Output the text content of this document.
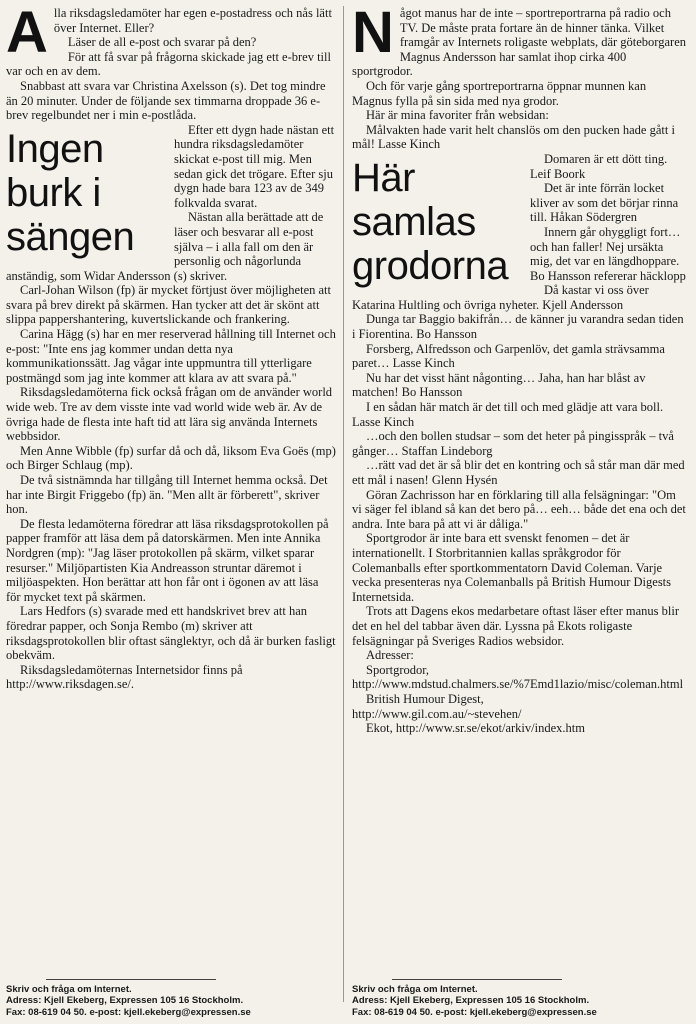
A lla riksdagsledamöter har egen e-postadress och nås lätt över Internet. Eller?

Läser de all e-post och svarar på den?

För att få svar på frågorna skickade jag ett e-brev till var och en av dem.

Snabbast att svara var Christina Axelsson (s). Det tog mindre än 20 minuter. Under de följande sex timmarna droppade 36 e-brev regelbundet ner i min e-postlåda.

Ingen
burk i
sängen

Efter ett dygn hade nästan ett hundra riksdagsledamöter skickat e-post till mig. Men sedan gick det trögare. Efter sju dygn hade bara 123 av de 349 folkvalda svarat.

Nästan alla berättade att de läser och besvarar all e-post själva – i alla fall om den är personlig och någorlunda anständig, som Widar Andersson (s) skriver.

Carl-Johan Wilson (fp) är mycket förtjust över möjligheten att svara på brev direkt på skärmen. Han tycker att det är skönt att slippa pappershantering, kuvertslickande och frankering.

Carina Hägg (s) har en mer reserverad hållning till Internet och e-post: "Inte ens jag kommer undan detta nya kommunikationssätt. Jag vågar inte uppmuntra till ytterligare postmängd som jag inte kommer att klara av att svara på."

Riksdagsledamöterna fick också frågan om de använder world wide web. Tre av dem visste inte vad world wide web är. Av de övriga hade de flesta inte haft tid att lära sig använda Internets webbsidor.

Men Anne Wibble (fp) surfar då och då, liksom Eva Goës (mp) och Birger Schlaug (mp).

De två sistnämnda har tillgång till Internet hemma också. Det har inte Birgit Friggebo (fp) än. "Men allt är förberett", skriver hon.

De flesta ledamöterna föredrar att läsa riksdagsprotokollen på papper framför att läsa dem på datorskärmen. Men inte Annika Nordgren (mp): "Jag läser protokollen på skärm, vilket sparar resurser." Miljöpartisten Kia Andreasson struntar däremot i miljöaspekten. Hon berättar att hon får ont i ögonen av att läsa för mycket text på skärmen.

Lars Hedfors (s) svarade med ett handskrivet brev att han föredrar papper, och Sonja Rembo (m) skriver att riksdagsprotokollen blir oftast sänglektyr, och då är burken fasligt obekväm.

Riksdagsledamöternas Internetsidor finns på http://www.riksdagen.se/.

Skriv och fråga om Internet.
Adress: Kjell Ekeberg, Expressen 105 16 Stockholm.
Fax: 08-619 04 50. e-post: kjell.ekeberg@expressen.se
N ågot manus har de inte – sportreportrarna på radio och TV. De måste prata fortare än de hinner tänka. Vilket framgår av Internets roligaste webplats, där göteborgaren Magnus Andersson har samlat ihop cirka 400 sportgrodor.

Och för varje gång sportreportrarna öppnar munnen kan Magnus fylla på sin sida med nya grodor.

Här är mina favoriter från websidan:

Målvakten hade varit helt chanslös om den pucken hade gått i mål! Lasse Kinch

Här
samlas
grodorna

Domaren är ett dött ting. Leif Boork

Det är inte förrän locket kliver av som det börjar rinna till. Håkan Södergren

Innern går ohyggligt fort… och han faller! Nej ursäkta mig, det var en längdhoppare. Bo Hansson refererar häcklopp

Då kastar vi oss över Katarina Hultling och övriga nyheter. Kjell Andersson

Dunga tar Baggio bakifrån… de känner ju varandra sedan tiden i Fiorentina. Bo Hansson

Forsberg, Alfredsson och Garpenlöv, det gamla strävsamma paret… Lasse Kinch

Nu har det visst hänt någonting… Jaha, han har blåst av matchen! Bo Hansson

I en sådan här match är det till och med glädje att vara boll. Lasse Kinch

…och den bollen studsar – som det heter på pingisspråk – två gånger… Staffan Lindeborg

…rätt vad det är så blir det en kontring och så står man där med ett mål i nasen! Glenn Hysén

Göran Zachrisson har en förklaring till alla felsägningar: "Om vi säger fel ibland så kan det bero på… eeh… både det ena och det andra. Inte bara på att vi är dåliga."

Sportgrodor är inte bara ett svenskt fenomen – det är internationellt. I Storbritannien kallas språkgrodor för Colemanballs efter sportkommentatorn David Coleman. Varje vecka presenteras nya Colemanballs på British Humour Digests Internetsida.

Trots att Dagens ekos medarbetare oftast läser efter manus blir det en hel del tabbar även där. Lyssna på Ekots roligaste felsägningar på Sveriges Radios websidor.

Adresser:

Sportgrodor,

http://www.mdstud.chalmers.se/%7Emd1lazio/misc/coleman.html

British Humour Digest,

http://www.gil.com.au/~stevehen/

Ekot, http://www.sr.se/ekot/arkiv/index.htm

Skriv och fråga om Internet.
Adress: Kjell Ekeberg, Expressen 105 16 Stockholm.
Fax: 08-619 04 50. e-post: kjell.ekeberg@expressen.se
